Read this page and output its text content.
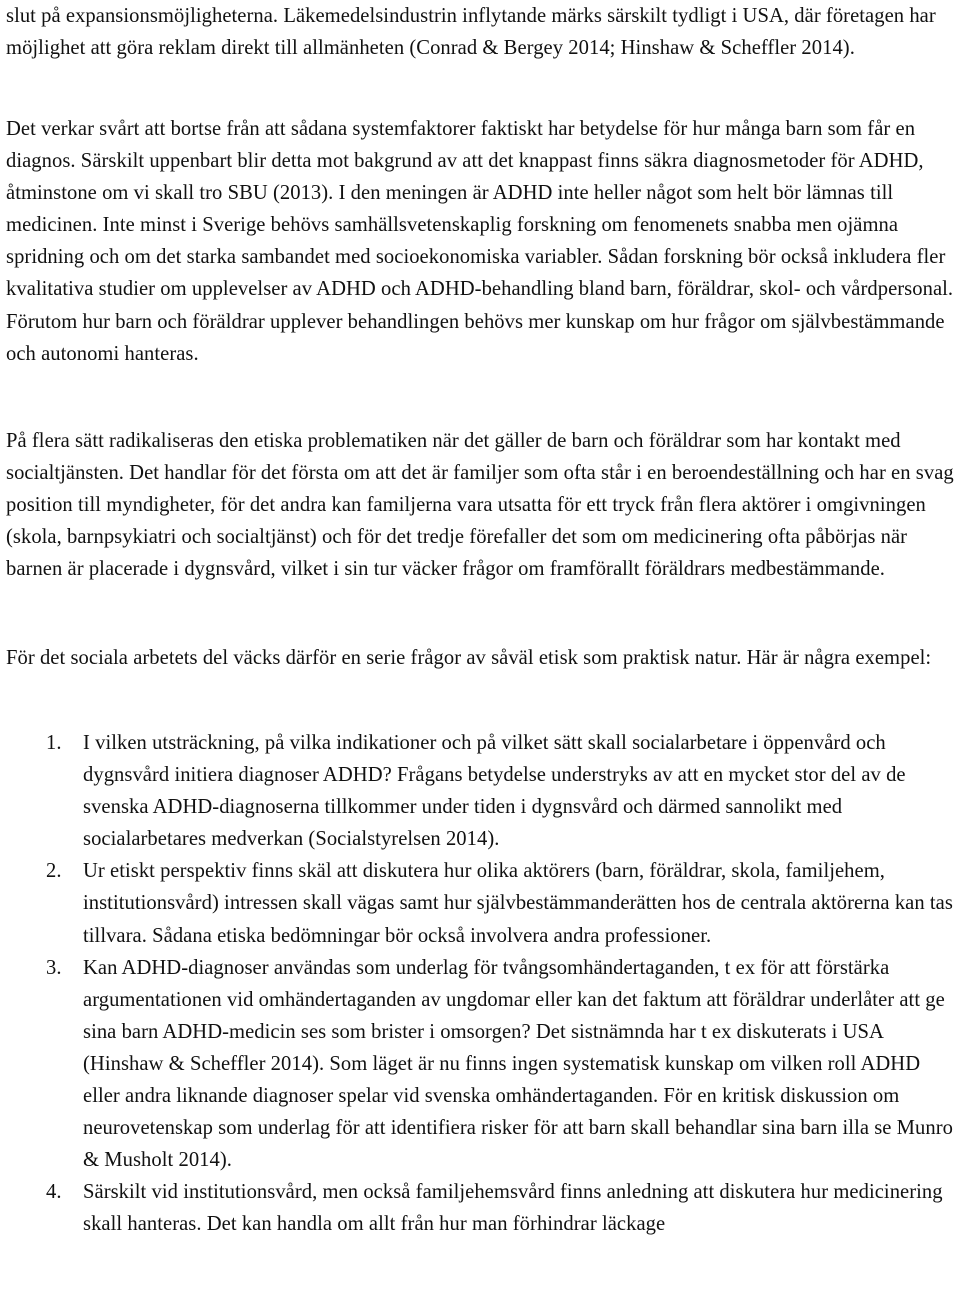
slut på expansionsmöjligheterna. Läkemedelsindustrin inflytande märks särskilt tydligt i USA, där företagen har möjlighet att göra reklam direkt till allmänheten (Conrad & Bergey 2014; Hinshaw & Scheffler 2014).

Det verkar svårt att bortse från att sådana systemfaktorer faktiskt har betydelse för hur många barn som får en diagnos. Särskilt uppenbart blir detta mot bakgrund av att det knappast finns säkra diagnosmetoder för ADHD, åtminstone om vi skall tro SBU (2013). I den meningen är ADHD inte heller något som helt bör lämnas till medicinen. Inte minst i Sverige behövs samhällsvetenskaplig forskning om fenomenets snabba men ojämna spridning och om det starka sambandet med socioekonomiska variabler. Sådan forskning bör också inkludera fler kvalitativa studier om upplevelser av ADHD och ADHD-behandling bland barn, föräldrar, skol- och vårdpersonal. Förutom hur barn och föräldrar upplever behandlingen behövs mer kunskap om hur frågor om självbestämmande och autonomi hanteras.

På flera sätt radikaliseras den etiska problematiken när det gäller de barn och föräldrar som har kontakt med socialtjänsten. Det handlar för det första om att det är familjer som ofta står i en beroendeställning och har en svag position till myndigheter, för det andra kan familjerna vara utsatta för ett tryck från flera aktörer i omgivningen (skola, barnpsykiatri och socialtjänst) och för det tredje förefaller det som om medicinering ofta påbörjas när barnen är placerade i dygnsvård, vilket i sin tur väcker frågor om framförallt föräldrars medbestämmande.

För det sociala arbetets del väcks därför en serie frågor av såväl etisk som praktisk natur. Här är några exempel:

1.	I vilken utsträckning, på vilka indikationer och på vilket sätt skall socialarbetare i öppenvård och dygnsvård initiera diagnoser ADHD? Frågans betydelse understryks av att en mycket stor del av de svenska ADHD-diagnoserna tillkommer under tiden i dygnsvård och därmed sannolikt med socialarbetares medverkan (Socialstyrelsen 2014).
2.	Ur etiskt perspektiv finns skäl att diskutera hur olika aktörers (barn, föräldrar, skola, familjehem, institutionsvård) intressen skall vägas samt hur självbestämmanderätten hos de centrala aktörerna kan tas tillvara. Sådana etiska bedömningar bör också involvera andra professioner.
3.	Kan ADHD-diagnoser användas som underlag för tvångsomhändertaganden, t ex för att förstärka argumentationen vid omhändertaganden av ungdomar eller kan det faktum att föräldrar underlåter att ge sina barn ADHD-medicin ses som brister i omsorgen? Det sistnämnda har t ex diskuterats i USA (Hinshaw & Scheffler 2014). Som läget är nu finns ingen systematisk kunskap om vilken roll ADHD eller andra liknande diagnoser spelar vid svenska omhändertaganden. För en kritisk diskussion om neurovetenskap som underlag för att identifiera risker för att barn skall behandlar sina barn illa se Munro & Musholt 2014).
4.	Särskilt vid institutionsvård, men också familjehemsvård finns anledning att diskutera hur medicinering skall hanteras. Det kan handla om allt från hur man förhindrar läckage
